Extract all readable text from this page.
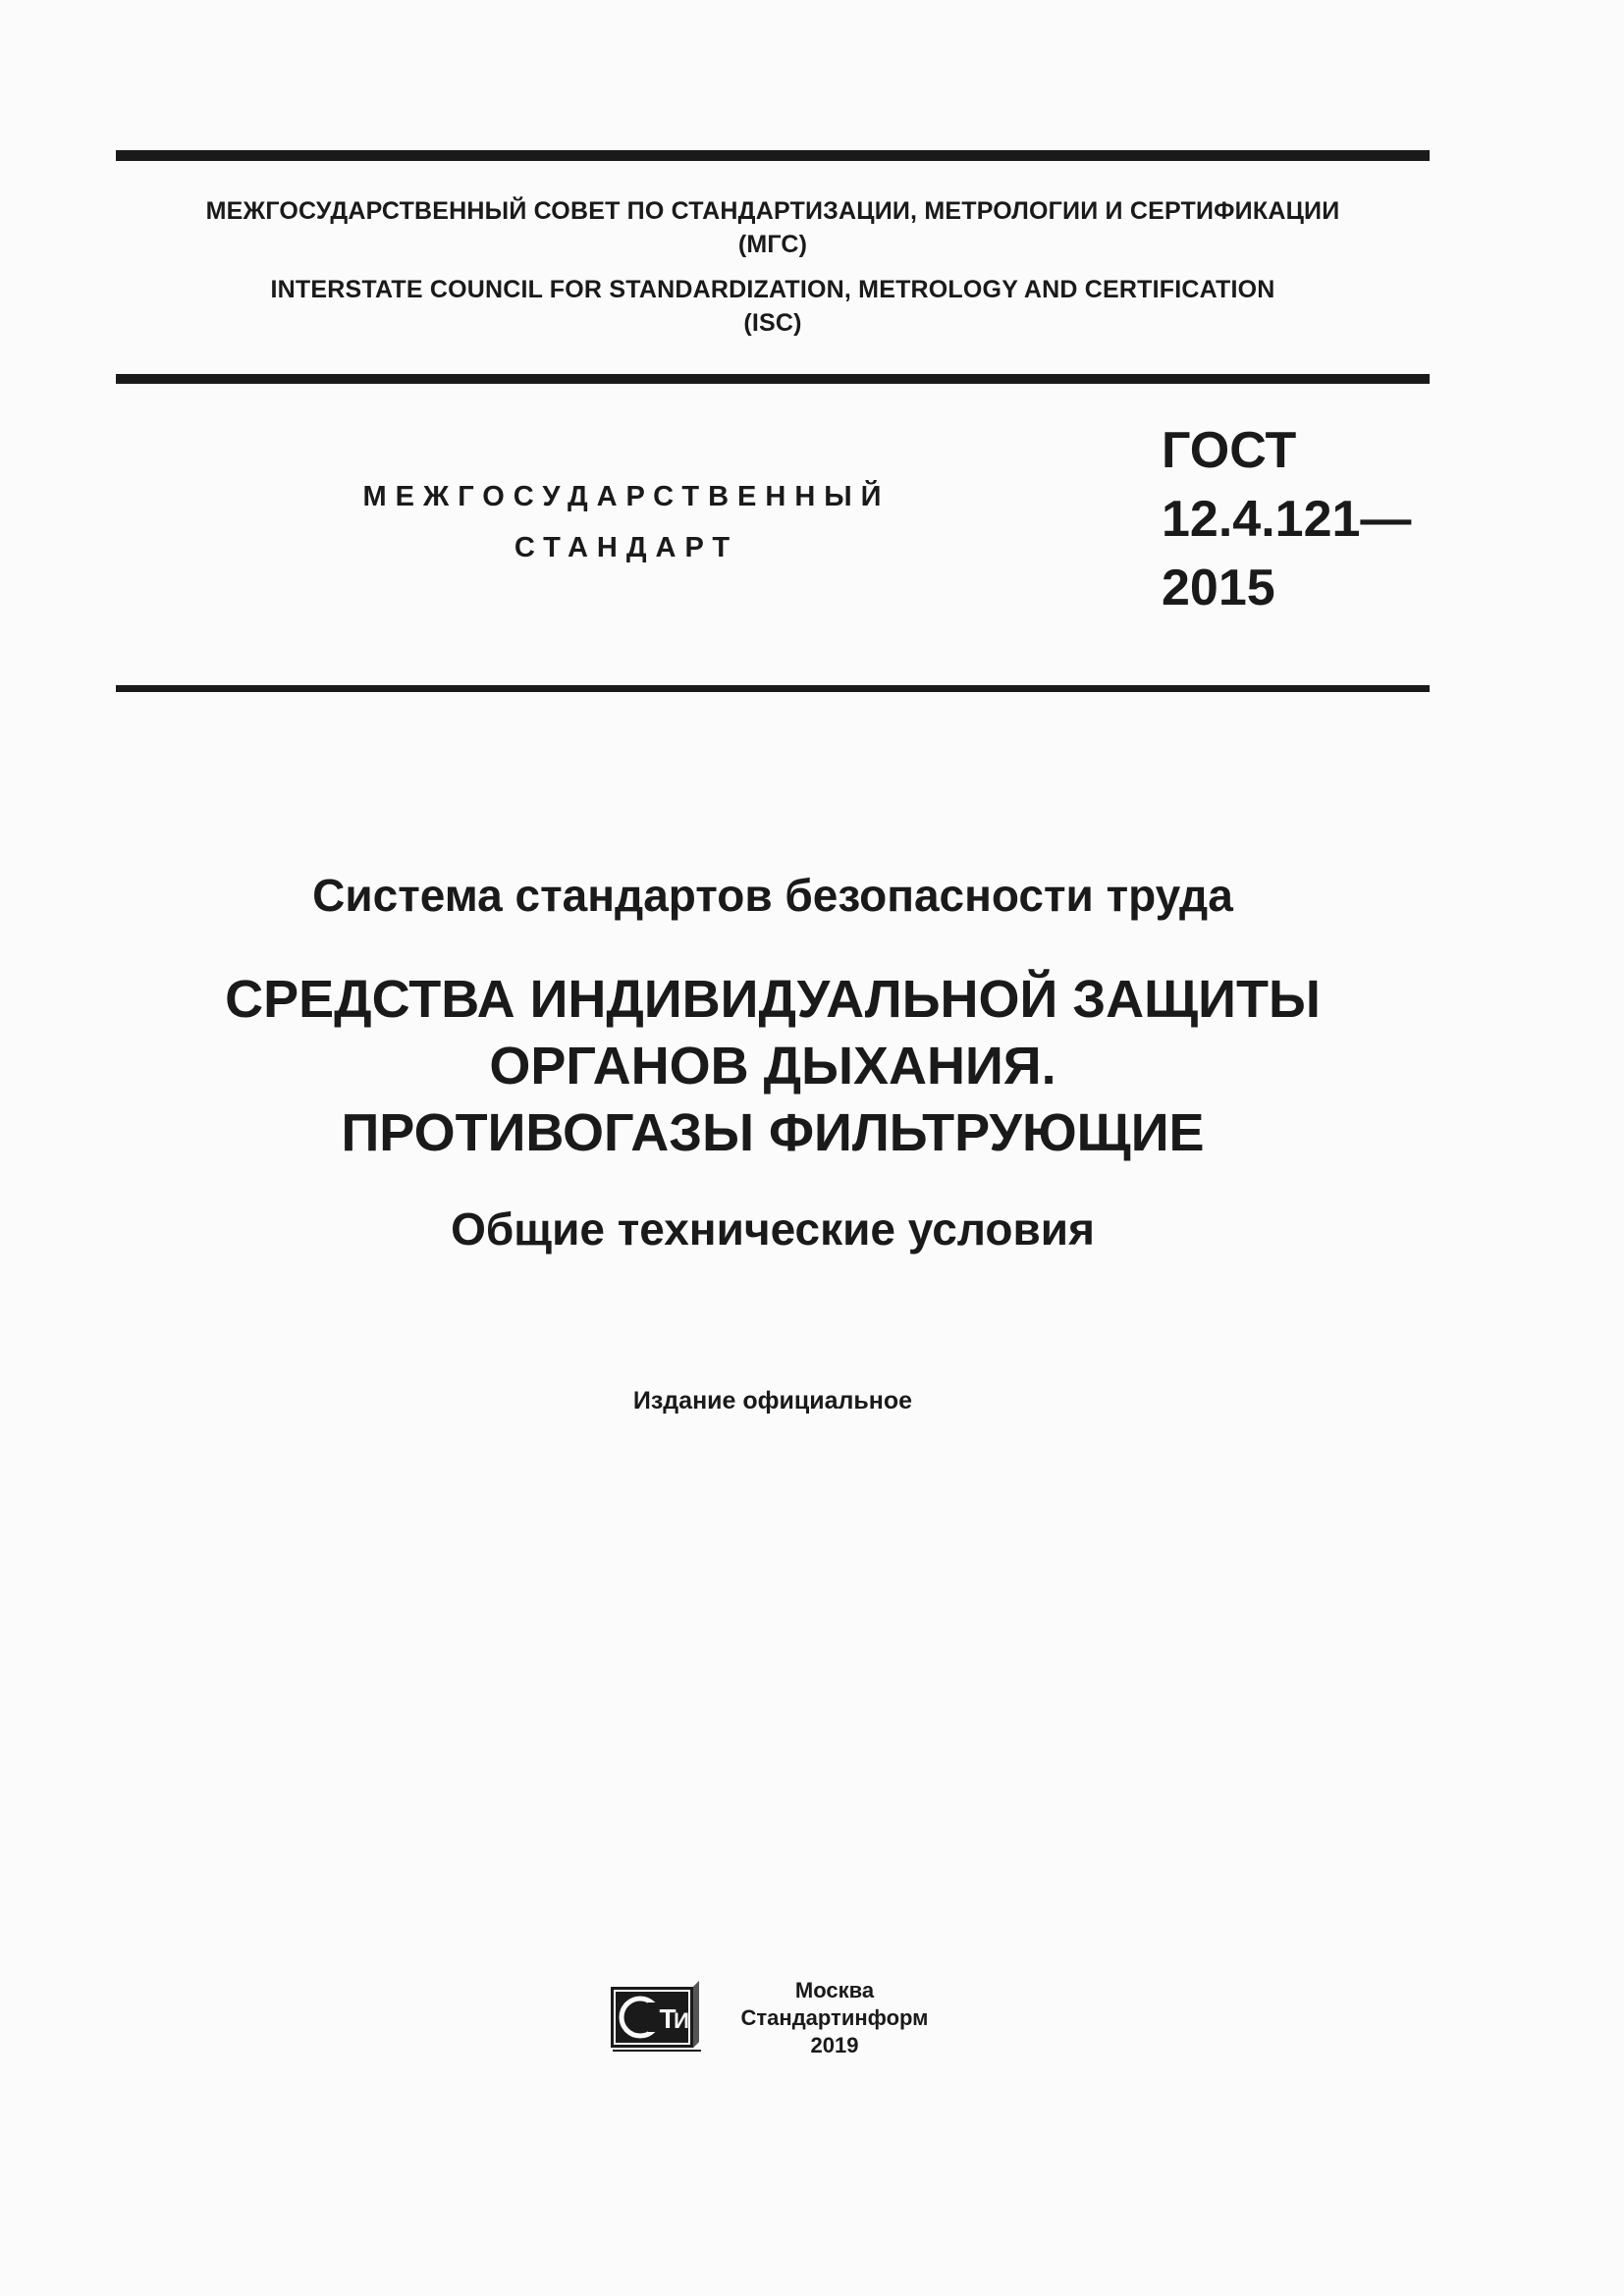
МЕЖГОСУДАРСТВЕННЫЙ СОВЕТ ПО СТАНДАРТИЗАЦИИ, МЕТРОЛОГИИ И СЕРТИФИКАЦИИ
(МГС)
INTERSTATE COUNCIL FOR STANDARDIZATION, METROLOGY AND CERTIFICATION
(ISC)
МЕЖГОСУДАРСТВЕННЫЙ
СТАНДАРТ
ГОСТ
12.4.121—
2015
Система стандартов безопасности труда
СРЕДСТВА ИНДИВИДУАЛЬНОЙ ЗАЩИТЫ
ОРГАНОВ ДЫХАНИЯ.
ПРОТИВОГАЗЫ ФИЛЬТРУЮЩИЕ
Общие технические условия
Издание официальное
Т
И
Москва
Стандартинформ
2019
